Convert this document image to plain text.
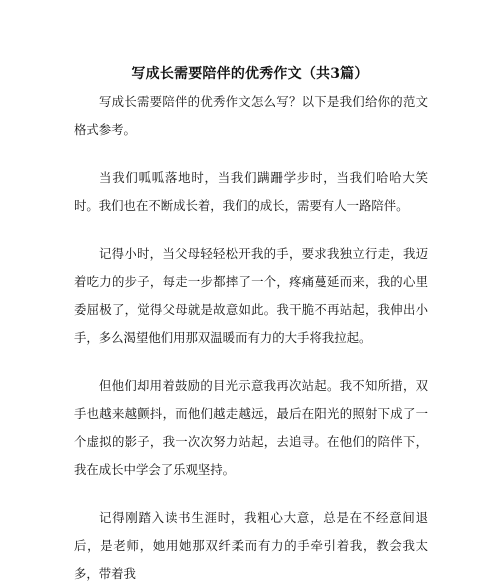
写成长需要陪伴的优秀作文（共3篇）

写成长需要陪伴的优秀作文怎么写？以下是我们给你的范文格式参考。

当我们呱呱落地时，当我们蹒跚学步时，当我们哈哈大笑时。我们也在不断成长着，我们的成长，需要有人一路陪伴。

记得小时，当父母轻轻松开我的手，要求我独立行走，我迈着吃力的步子，每走一步都摔了一个，疼痛蔓延而来，我的心里委屈极了，觉得父母就是故意如此。我干脆不再站起，我伸出小手，多么渴望他们用那双温暖而有力的大手将我拉起。

但他们却用着鼓励的目光示意我再次站起。我不知所措，双手也越来越颤抖，而他们越走越远，最后在阳光的照射下成了一个虚拟的影子，我一次次努力站起，去追寻。在他们的陪伴下，我在成长中学会了乐观坚持。

记得刚踏入读书生涯时，我粗心大意，总是在不经意间退后，是老师，她用她那双纤柔而有力的手牵引着我，教会我太多，带着我
